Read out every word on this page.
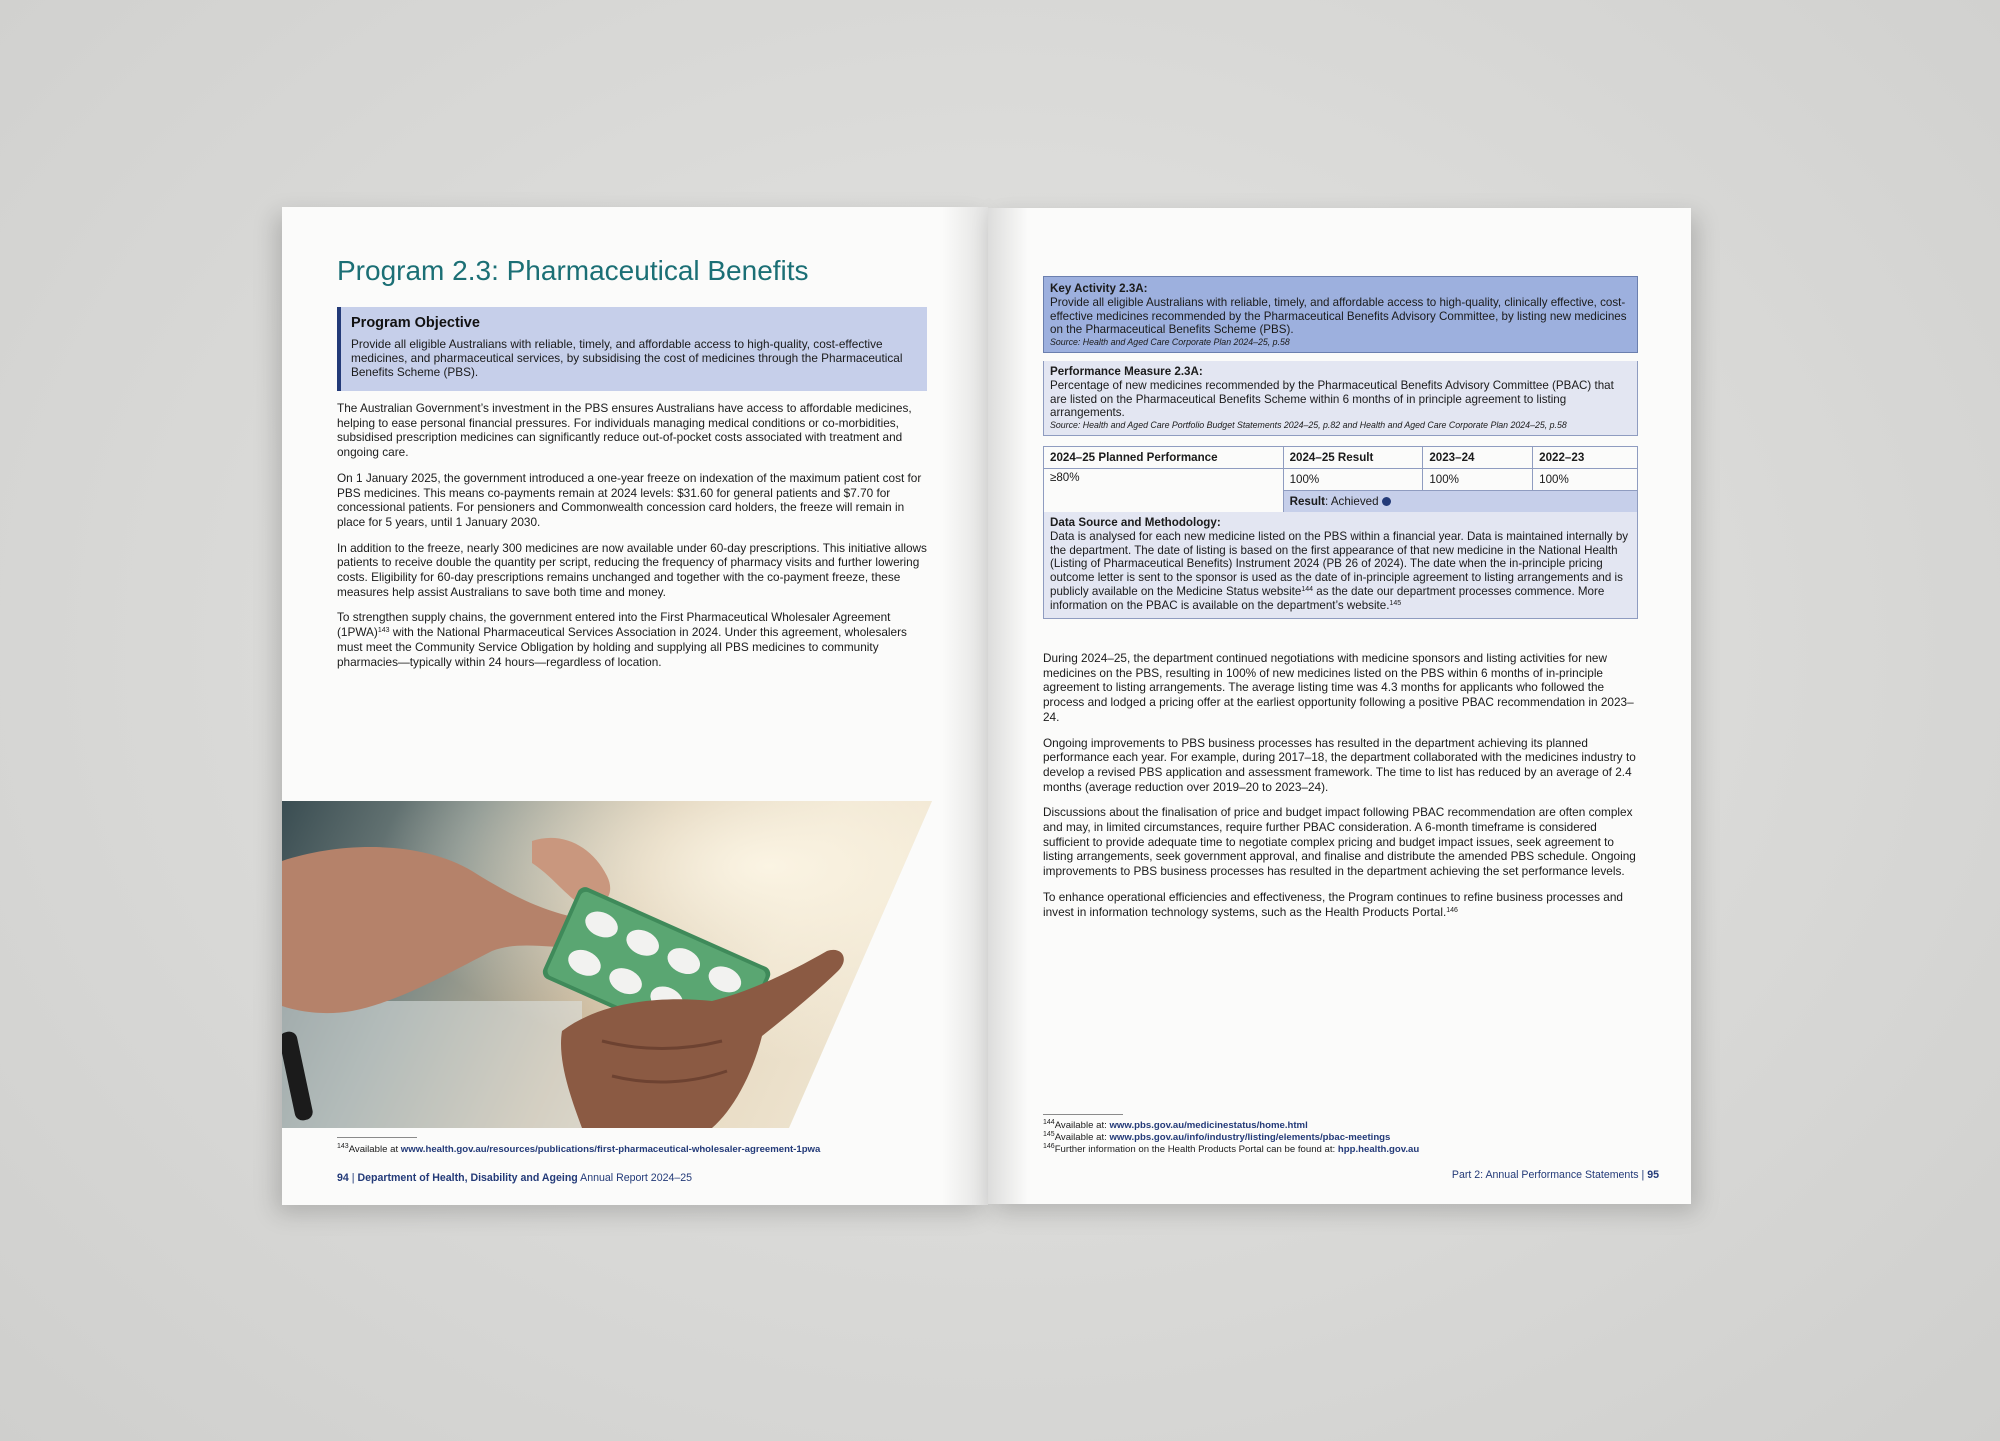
Program 2.3: Pharmaceutical Benefits
Program Objective

Provide all eligible Australians with reliable, timely, and affordable access to high-quality, cost-effective medicines, and pharmaceutical services, by subsidising the cost of medicines through the Pharmaceutical Benefits Scheme (PBS).

The Australian Government’s investment in the PBS ensures Australians have access to affordable medicines, helping to ease personal financial pressures. For individuals managing medical conditions or co-morbidities, subsidised prescription medicines can significantly reduce out-of-pocket costs associated with treatment and ongoing care.

On 1 January 2025, the government introduced a one-year freeze on indexation of the maximum patient cost for PBS medicines. This means co-payments remain at 2024 levels: $31.60 for general patients and $7.70 for concessional patients. For pensioners and Commonwealth concession card holders, the freeze will remain in place for 5 years, until 1 January 2030.

In addition to the freeze, nearly 300 medicines are now available under 60-day prescriptions. This initiative allows patients to receive double the quantity per script, reducing the frequency of pharmacy visits and further lowering costs. Eligibility for 60-day prescriptions remains unchanged and together with the co-payment freeze, these measures help assist Australians to save both time and money.

To strengthen supply chains, the government entered into the First Pharmaceutical Wholesaler Agreement $(1PWA)^{143}$ with the National Pharmaceutical Services Association in 2024. Under this agreement, wholesalers must meet the Community Service Obligation by holding and supplying all PBS medicines to community pharmacies—typically within 24 hours—regardless of location.

$^{143}$Available at www.health.gov.au/resources/publications/first-pharmaceutical-wholesaler-agreement-1pwa
94 | Department of Health, Disability and Ageing Annual Report 2024–25
Key Activity 2.3A:
Provide all eligible Australians with reliable, timely, and affordable access to high-quality, clinically effective, cost-effective medicines recommended by the Pharmaceutical Benefits Advisory Committee, by listing new medicines on the Pharmaceutical Benefits Scheme (PBS).
Source: Health and Aged Care Corporate Plan 2024–25, p.58
Performance Measure 2.3A:
Percentage of new medicines recommended by the Pharmaceutical Benefits Advisory Committee (PBAC) that are listed on the Pharmaceutical Benefits Scheme within 6 months of in principle agreement to listing arrangements.
Source: Health and Aged Care Portfolio Budget Statements 2024–25, p.82 and Health and Aged Care Corporate Plan 2024–25, p.58
2024–25 Planned Performance	2024–25 Result	2023–24	2022–23
≥80%	100%	100%	100%
	Result: Achieved		
Data Source and Methodology:
Data is analysed for each new medicine listed on the PBS within a financial year. Data is maintained internally by the department. The date of listing is based on the first appearance of that new medicine in the National Health (Listing of Pharmaceutical Benefits) Instrument 2024 (PB 26 of 2024). The date when the in-principle pricing outcome letter is sent to the sponsor is used as the date of in-principle agreement to listing arrangements and is publicly available on the Medicine Status website$^{144}$ as the date our department processes commence. More information on the PBAC is available on the department’s website.$^{145}$

During 2024–25, the department continued negotiations with medicine sponsors and listing activities for new medicines on the PBS, resulting in 100% of new medicines listed on the PBS within 6 months of in-principle agreement to listing arrangements. The average listing time was 4.3 months for applicants who followed the process and lodged a pricing offer at the earliest opportunity following a positive PBAC recommendation in 2023–24.

Ongoing improvements to PBS business processes has resulted in the department achieving its planned performance each year. For example, during 2017–18, the department collaborated with the medicines industry to develop a revised PBS application and assessment framework. The time to list has reduced by an average of 2.4 months (average reduction over 2019–20 to 2023–24).

Discussions about the finalisation of price and budget impact following PBAC recommendation are often complex and may, in limited circumstances, require further PBAC consideration. A 6-month timeframe is considered sufficient to provide adequate time to negotiate complex pricing and budget impact issues, seek agreement to listing arrangements, seek government approval, and finalise and distribute the amended PBS schedule. Ongoing improvements to PBS business processes has resulted in the department achieving the set performance levels.

To enhance operational efficiencies and effectiveness, the Program continues to refine business processes and invest in information technology systems, such as the Health Products Portal.$^{146}$

$^{144}$Available at: www.pbs.gov.au/medicinestatus/home.html
$^{145}$Available at: www.pbs.gov.au/info/industry/listing/elements/pbac-meetings
$^{146}$Further information on the Health Products Portal can be found at: hpp.health.gov.au
Part 2: Annual Performance Statements | 95
